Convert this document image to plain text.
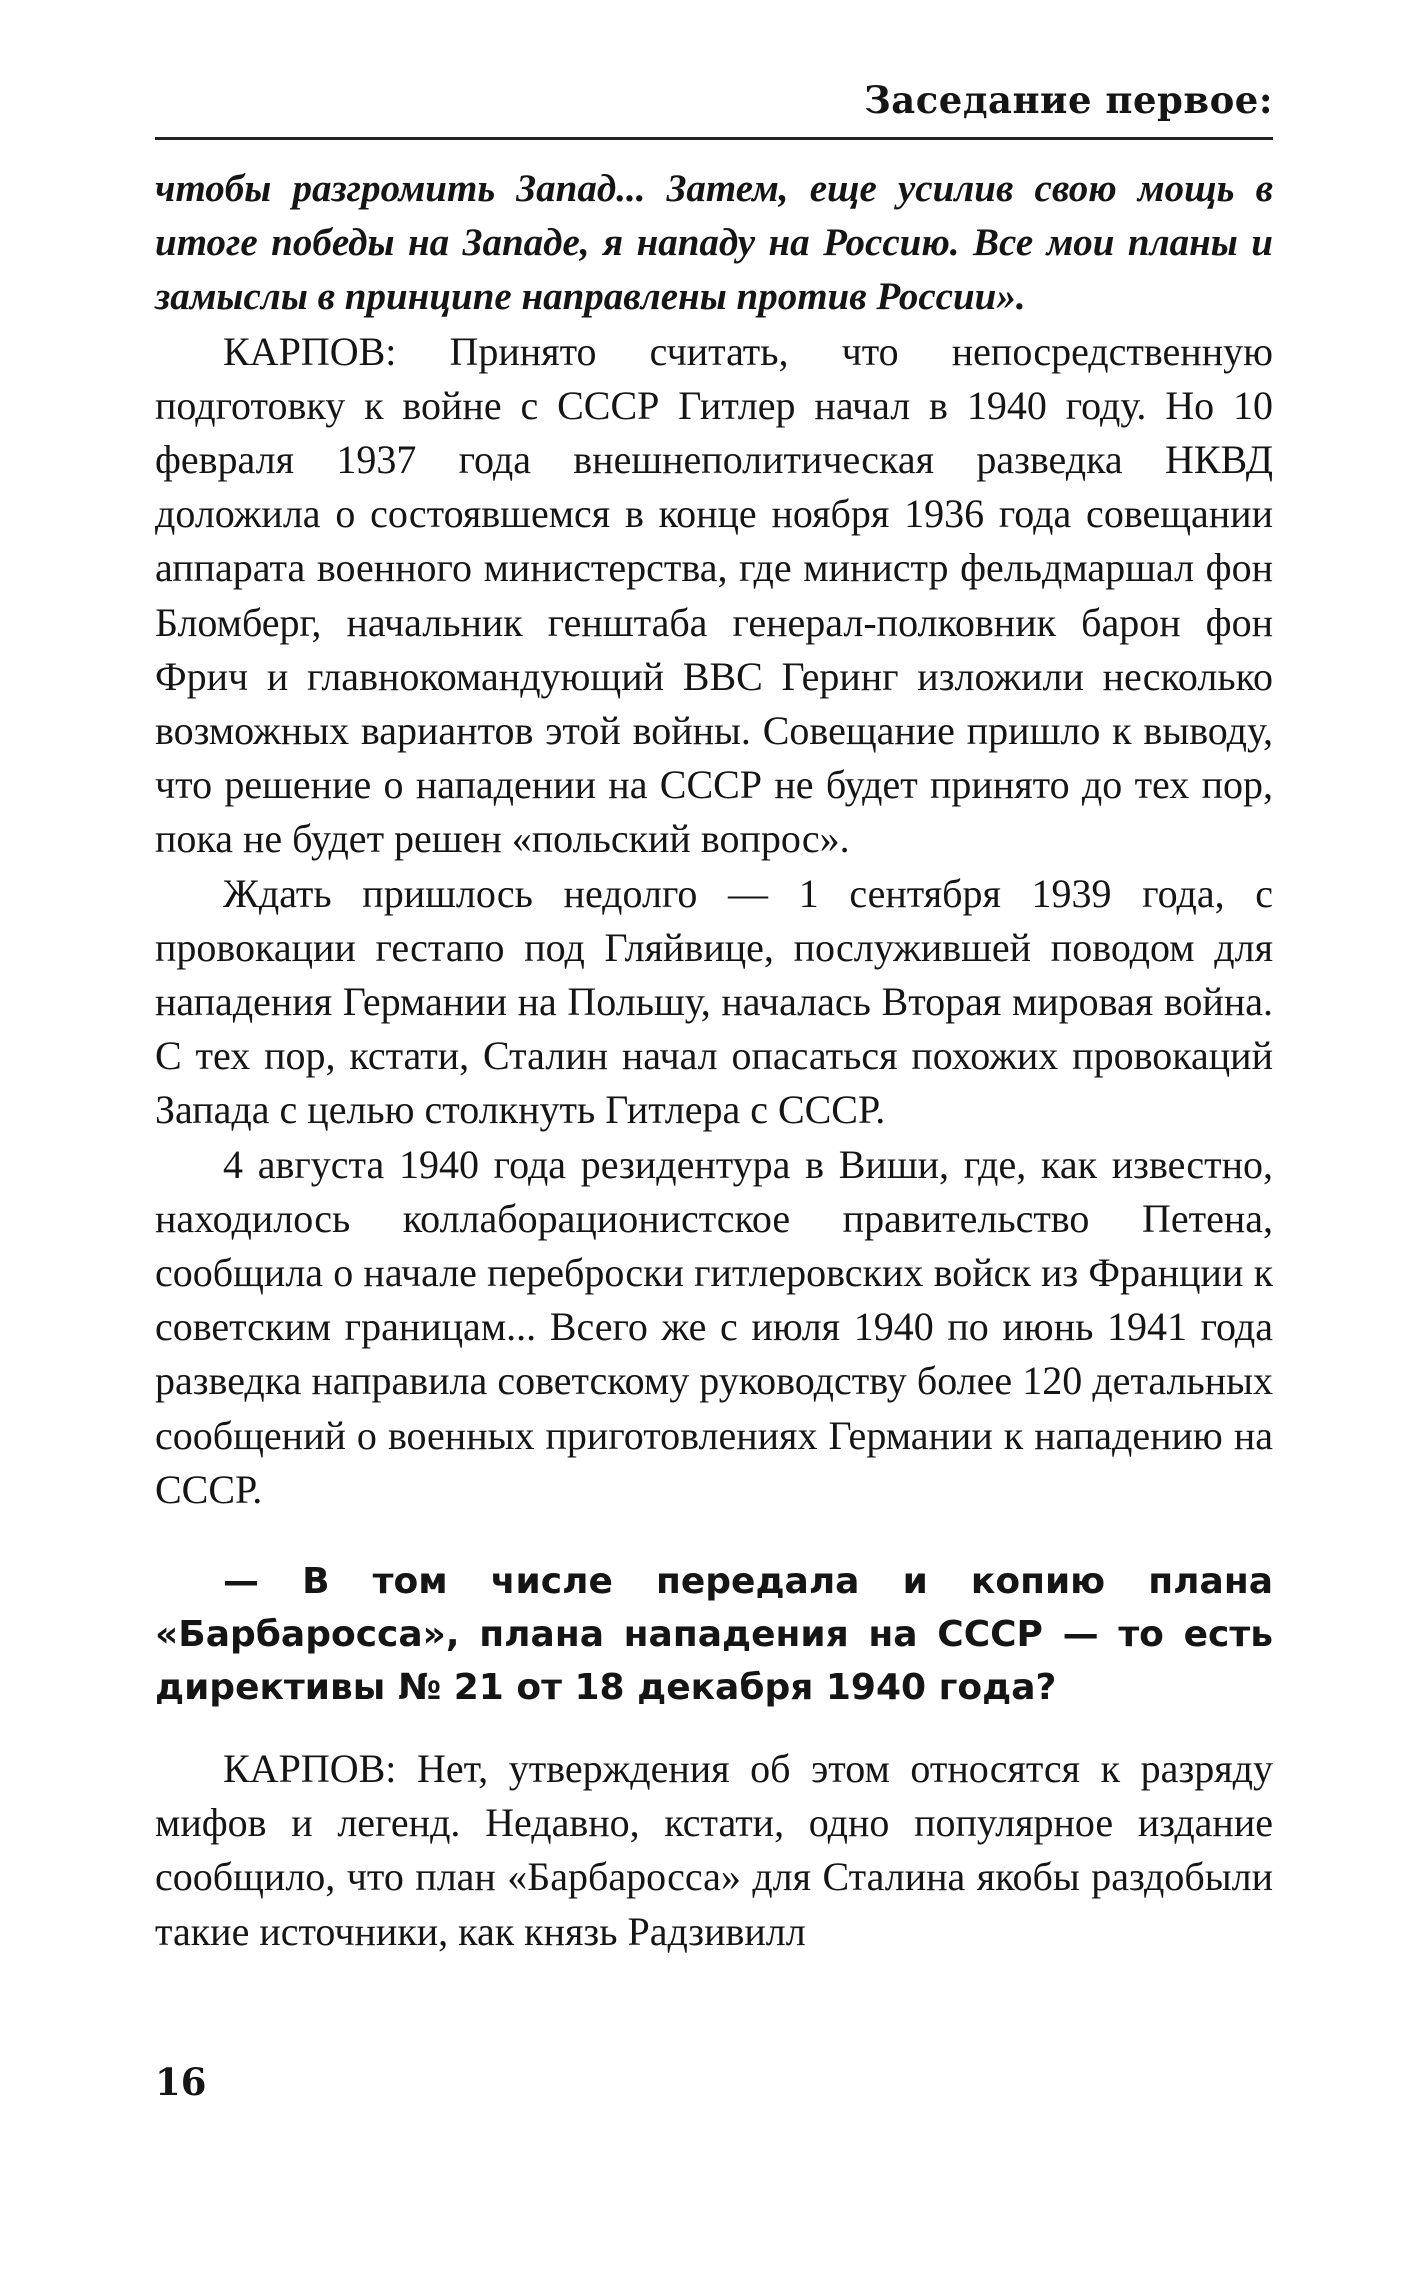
Заседание первое:

чтобы разгромить Запад... Затем, еще усилив свою мощь в итоге победы на Западе, я нападу на Россию. Все мои планы и замыслы в принципе направлены против России».

КАРПОВ: Принято считать, что непосредственную подготовку к войне с СССР Гитлер начал в 1940 году. Но 10 февраля 1937 года внешнеполитическая разведка НКВД доложила о состоявшемся в конце ноября 1936 года совещании аппарата военного министерства, где министр фельдмаршал фон Бломберг, начальник генштаба генерал-полковник барон фон Фрич и главнокомандующий ВВС Геринг изложили несколько возможных вариантов этой войны. Совещание пришло к выводу, что решение о нападении на СССР не будет принято до тех пор, пока не будет решен «польский вопрос».

Ждать пришлось недолго — 1 сентября 1939 года, с провокации гестапо под Гляйвице, послужившей поводом для нападения Германии на Польшу, началась Вторая мировая война. С тех пор, кстати, Сталин начал опасаться похожих провокаций Запада с целью столкнуть Гитлера с СССР.

4 августа 1940 года резидентура в Виши, где, как известно, находилось коллаборационистское правительство Петена, сообщила о начале переброски гитлеровских войск из Франции к советским границам... Всего же с июля 1940 по июнь 1941 года разведка направила советскому руководству более 120 детальных сообщений о военных приготовлениях Германии к нападению на СССР.

— В том числе передала и копию плана «Барбаросса», плана нападения на СССР — то есть директивы № 21 от 18 декабря 1940 года?

КАРПОВ: Нет, утверждения об этом относятся к разряду мифов и легенд. Недавно, кстати, одно популярное издание сообщило, что план «Барбаросса» для Сталина якобы раздобыли такие источники, как князь Радзивилл

16
